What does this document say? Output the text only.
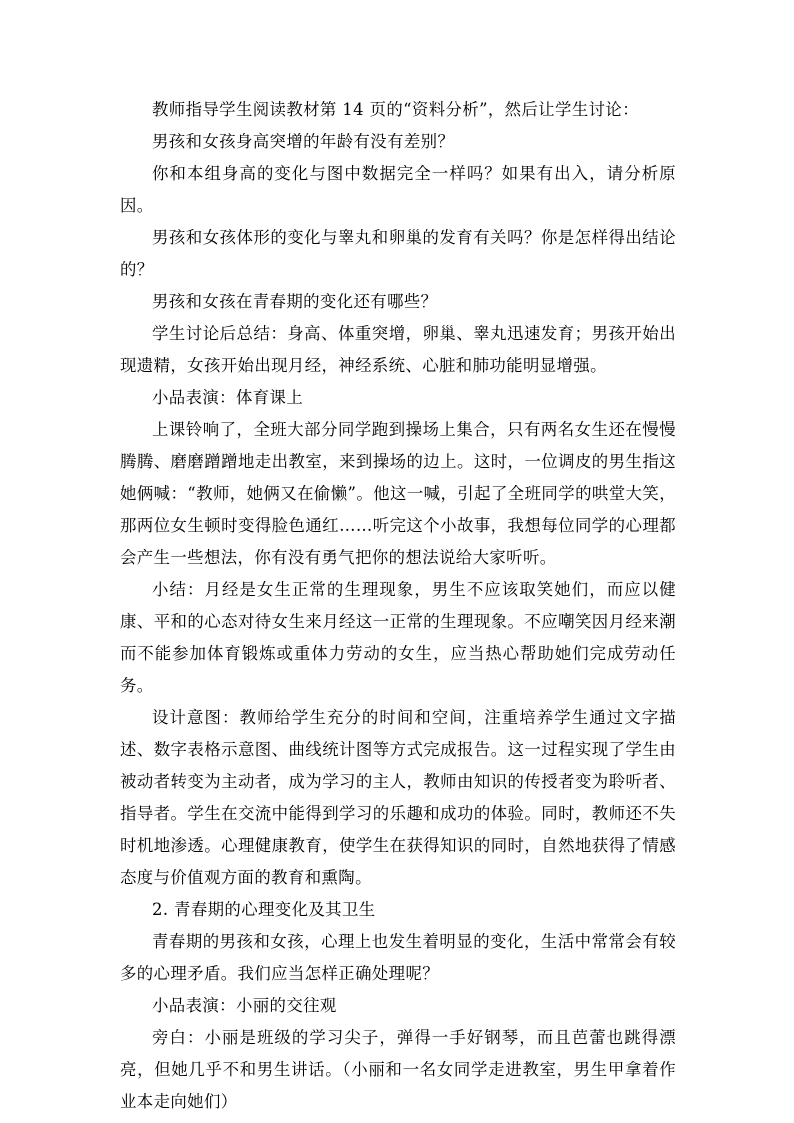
教师指导学生阅读教材第 14 页的“资料分析”，然后让学生讨论：

男孩和女孩身高突增的年龄有没有差别？

你和本组身高的变化与图中数据完全一样吗？如果有出入，请分析原因。

男孩和女孩体形的变化与睾丸和卵巢的发育有关吗？你是怎样得出结论的？

男孩和女孩在青春期的变化还有哪些？

学生讨论后总结：身高、体重突增，卵巢、睾丸迅速发育；男孩开始出现遗精，女孩开始出现月经，神经系统、心脏和肺功能明显增强。

小品表演：体育课上

上课铃响了，全班大部分同学跑到操场上集合，只有两名女生还在慢慢腾腾、磨磨蹭蹭地走出教室，来到操场的边上。这时，一位调皮的男生指这她俩喊：“教师，她俩又在偷懒”。他这一喊，引起了全班同学的哄堂大笑，那两位女生顿时变得脸色通红……听完这个小故事，我想每位同学的心理都会产生一些想法，你有没有勇气把你的想法说给大家听听。

小结：月经是女生正常的生理现象，男生不应该取笑她们，而应以健康、平和的心态对待女生来月经这一正常的生理现象。不应嘲笑因月经来潮而不能参加体育锻炼或重体力劳动的女生，应当热心帮助她们完成劳动任务。

设计意图：教师给学生充分的时间和空间，注重培养学生通过文字描述、数字表格示意图、曲线统计图等方式完成报告。这一过程实现了学生由被动者转变为主动者，成为学习的主人，教师由知识的传授者变为聆听者、指导者。学生在交流中能得到学习的乐趣和成功的体验。同时，教师还不失时机地渗透。心理健康教育，使学生在获得知识的同时，自然地获得了情感态度与价值观方面的教育和熏陶。

2. 青春期的心理变化及其卫生

青春期的男孩和女孩，心理上也发生着明显的变化，生活中常常会有较多的心理矛盾。我们应当怎样正确处理呢？

小品表演：小丽的交往观

旁白：小丽是班级的学习尖子，弹得一手好钢琴，而且芭蕾也跳得漂亮，但她几乎不和男生讲话。（小丽和一名女同学走进教室，男生甲拿着作业本走向她们）
